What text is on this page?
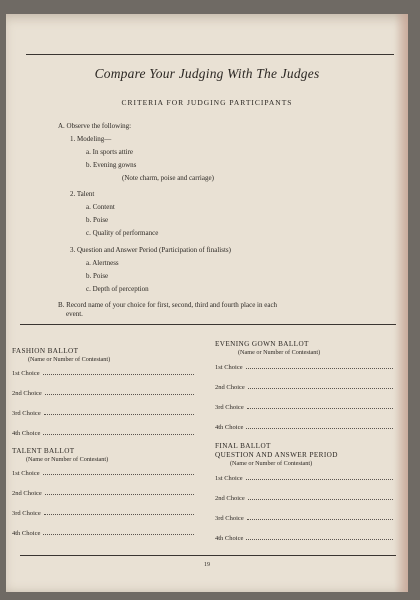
Compare Your Judging With The Judges
CRITERIA FOR JUDGING PARTICIPANTS
A. Observe the following:
1. Modeling—
a. In sports attire
b. Evening gowns
(Note charm, poise and carriage)
2. Talent
a. Content
b. Poise
c. Quality of performance
3. Question and Answer Period (Participation of finalists)
a. Alertness
b. Poise
c. Depth of perception
B. Record name of your choice for first, second, third and fourth place in each
event.
FASHION BALLOT
(Name or Number of Contestant)
1st Choice
2nd Choice
3rd Choice
4th Choice
EVENING GOWN BALLOT
(Name or Number of Contestant)
1st Choice
2nd Choice
3rd Choice
4th Choice
TALENT BALLOT
(Name or Number of Contestant)
1st Choice
2nd Choice
3rd Choice
4th Choice
FINAL BALLOT
QUESTION AND ANSWER PERIOD
(Name or Number of Contestant)
1st Choice
2nd Choice
3rd Choice
4th Choice
19
